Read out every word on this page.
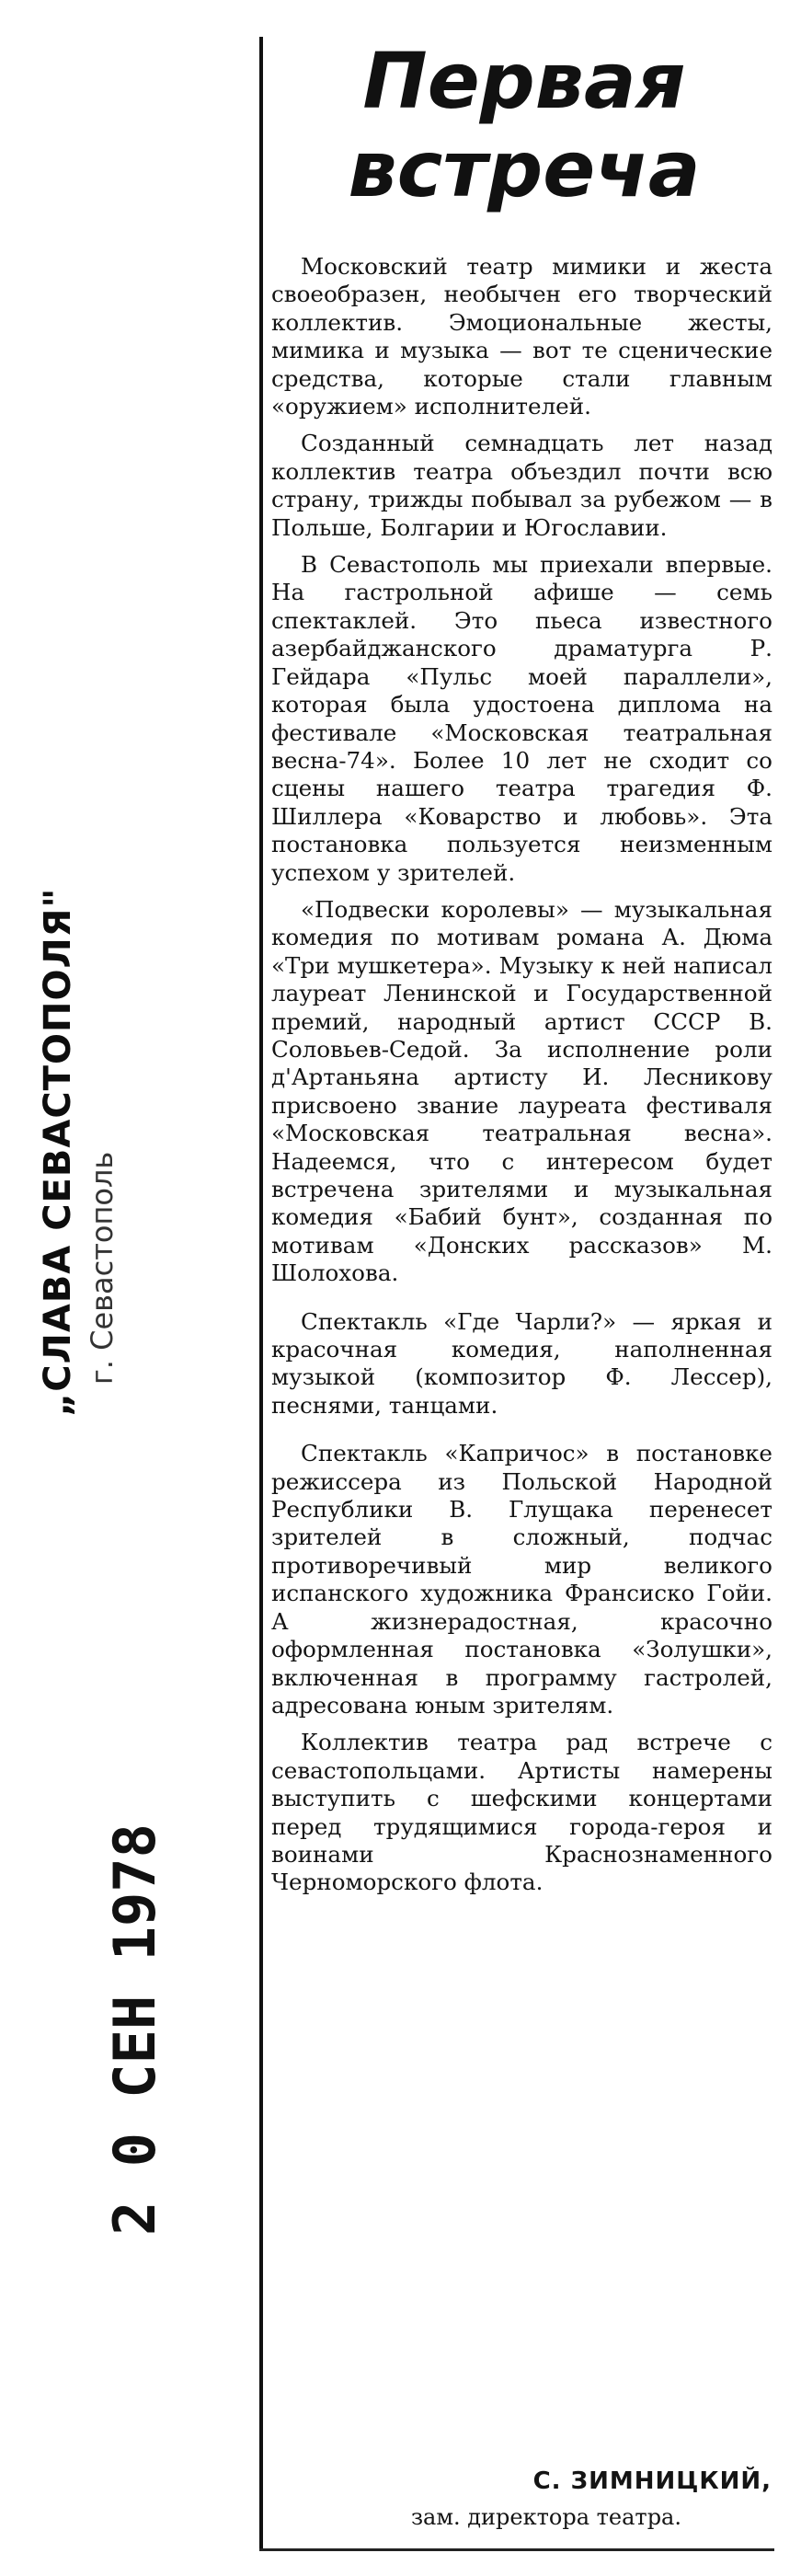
„СЛАВА СЕВАСТОПОЛЯ" г. Севастополь
2 0 СЕН 1978
Первая
встреча

Московский театр мимики и жеста своеобразен, необычен его творческий коллектив. Эмоциональные жесты, мимика и музыка — вот те сценические средства, которые стали главным «оружием» исполнителей.

Созданный семнадцать лет назад коллектив театра объездил почти всю страну, трижды побывал за рубежом — в Польше, Болгарии и Югославии.

В Севастополь мы приехали впервые. На гастрольной афише — семь спектаклей. Это пьеса известного азербайджанского драматурга Р. Гейдара «Пульс моей параллели», которая была удостоена диплома на фестивале «Московская театральная весна-74». Более 10 лет не сходит со сцены нашего театра трагедия Ф. Шиллера «Коварство и любовь». Эта постановка пользуется неизменным успехом у зрителей.

«Подвески королевы» — музыкальная комедия по мотивам романа А. Дюма «Три мушкетера». Музыку к ней написал лауреат Ленинской и Государственной премий, народный артист СССР В. Соловьев-Седой. За исполнение роли д'Артаньяна артисту И. Лесникову присвоено звание лауреата фестиваля «Московская театральная весна». Надеемся, что с интересом будет встречена зрителями и музыкальная комедия «Бабий бунт», созданная по мотивам «Донских рассказов» М. Шолохова.

Спектакль «Где Чарли?» — яркая и красочная комедия, наполненная музыкой (композитор Ф. Лессер), песнями, танцами.

Спектакль «Капричос» в постановке режиссера из Польской Народной Республики В. Глущака перенесет зрителей в сложный, подчас противоречивый мир великого испанского художника Франсиско Гойи. А жизнерадостная, красочно оформленная постановка «Золушки», включенная в программу гастролей, адресована юным зрителям.

Коллектив театра рад встрече с севастопольцами. Артисты намерены выступить с шефскими концертами перед трудящимися города-героя и воинами Краснознаменного Черноморского флота.

С. ЗИМНИЦКИЙ,
зам. директора театра.
